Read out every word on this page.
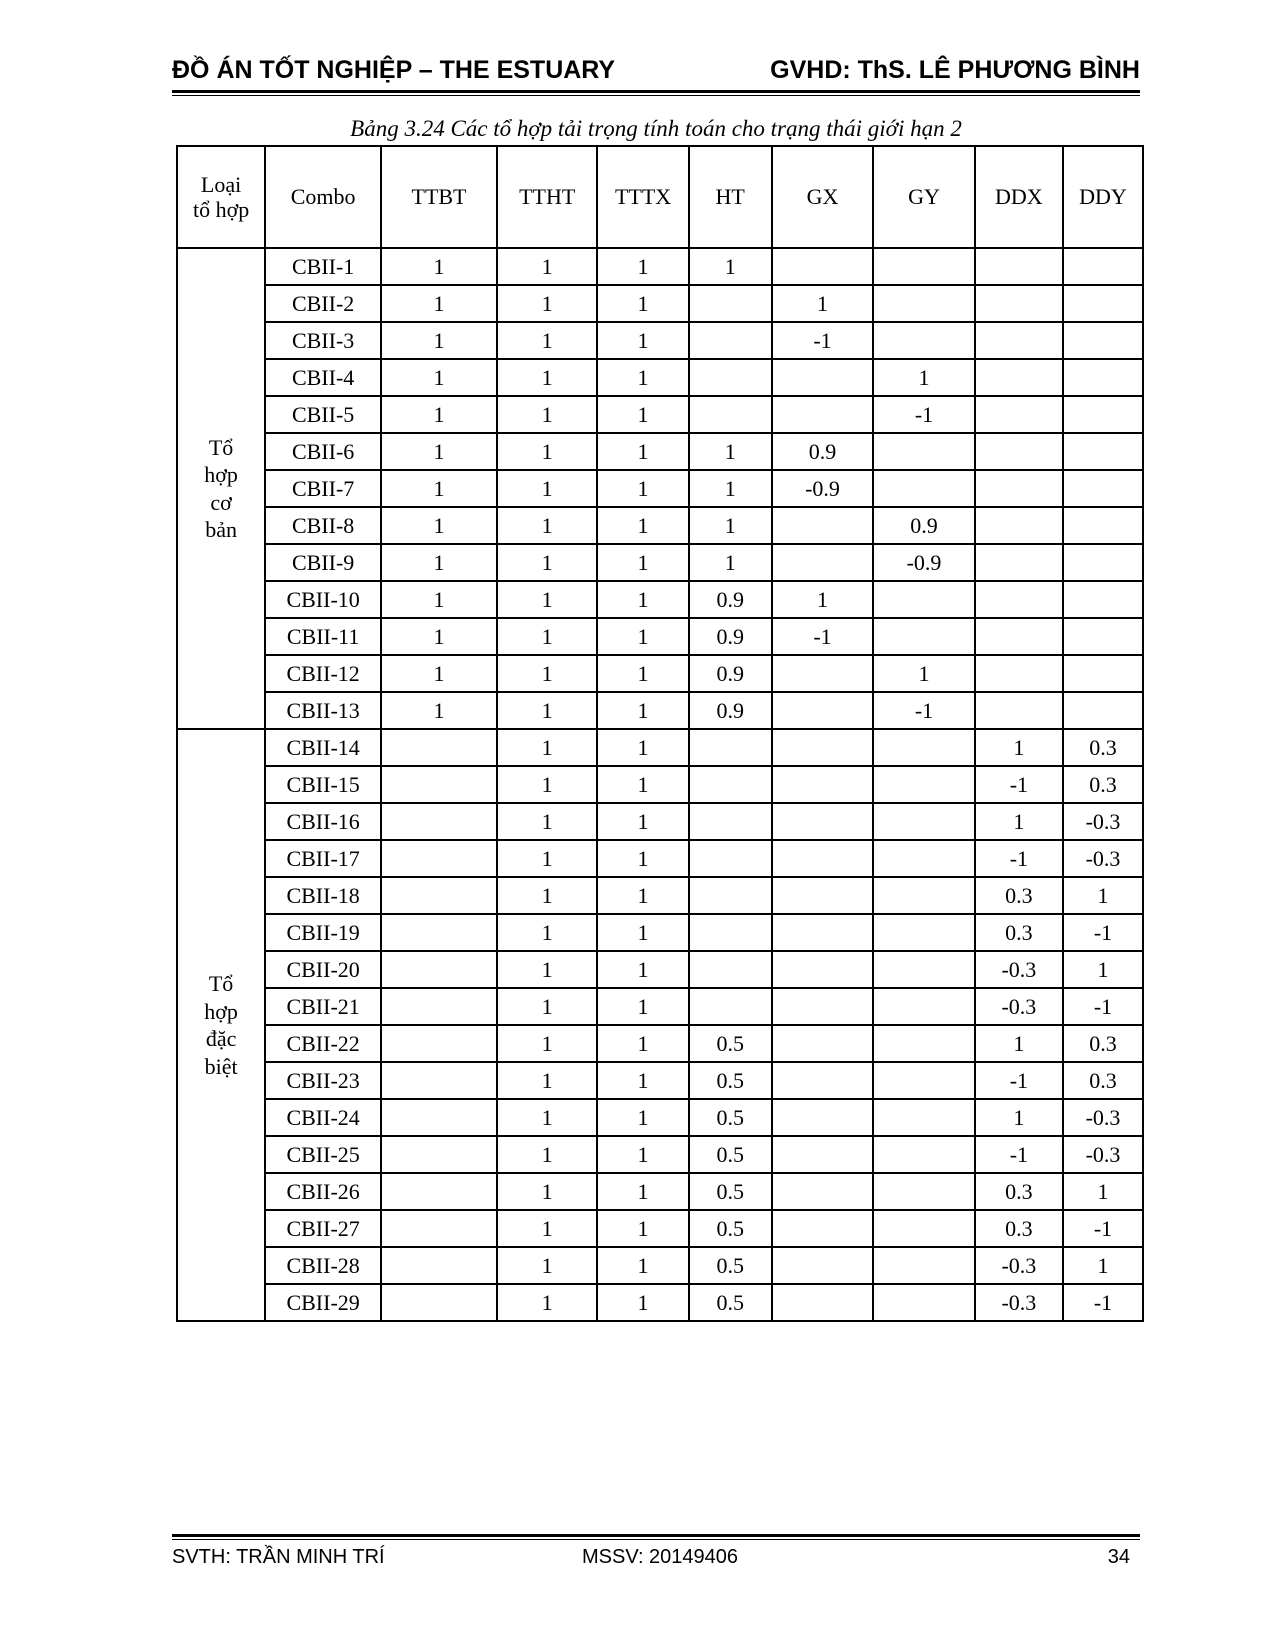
ĐỒ ÁN TỐT NGHIỆP – THE ESTUARY	GVHD: ThS. LÊ PHƯƠNG BÌNH
Bảng 3.24 Các tổ hợp tải trọng tính toán cho trạng thái giới hạn 2
Loại
tổ hợp	Combo	TTBT	TTHT	TTTX	HT	GX	GY	DDX	DDY
Tổ
hợp
cơ
bản	CBII-1	1	1	1	1				
	CBII-2	1	1	1		1			
	CBII-3	1	1	1		-1			
	CBII-4	1	1	1			1		
	CBII-5	1	1	1			-1		
	CBII-6	1	1	1	1	0.9			
	CBII-7	1	1	1	1	-0.9			
	CBII-8	1	1	1	1		0.9		
	CBII-9	1	1	1	1		-0.9		
	CBII-10	1	1	1	0.9	1			
	CBII-11	1	1	1	0.9	-1			
	CBII-12	1	1	1	0.9		1		
	CBII-13	1	1	1	0.9		-1		
Tổ
hợp
đặc
biệt	CBII-14		1	1				1	0.3
	CBII-15		1	1				-1	0.3
	CBII-16		1	1				1	-0.3
	CBII-17		1	1				-1	-0.3
	CBII-18		1	1				0.3	1
	CBII-19		1	1				0.3	-1
	CBII-20		1	1				-0.3	1
	CBII-21		1	1				-0.3	-1
	CBII-22		1	1	0.5			1	0.3
	CBII-23		1	1	0.5			-1	0.3
	CBII-24		1	1	0.5			1	-0.3
	CBII-25		1	1	0.5			-1	-0.3
	CBII-26		1	1	0.5			0.3	1
	CBII-27		1	1	0.5			0.3	-1
	CBII-28		1	1	0.5			-0.3	1
	CBII-29		1	1	0.5			-0.3	-1
SVTH: TRẦN MINH TRÍ	MSSV: 20149406	34
